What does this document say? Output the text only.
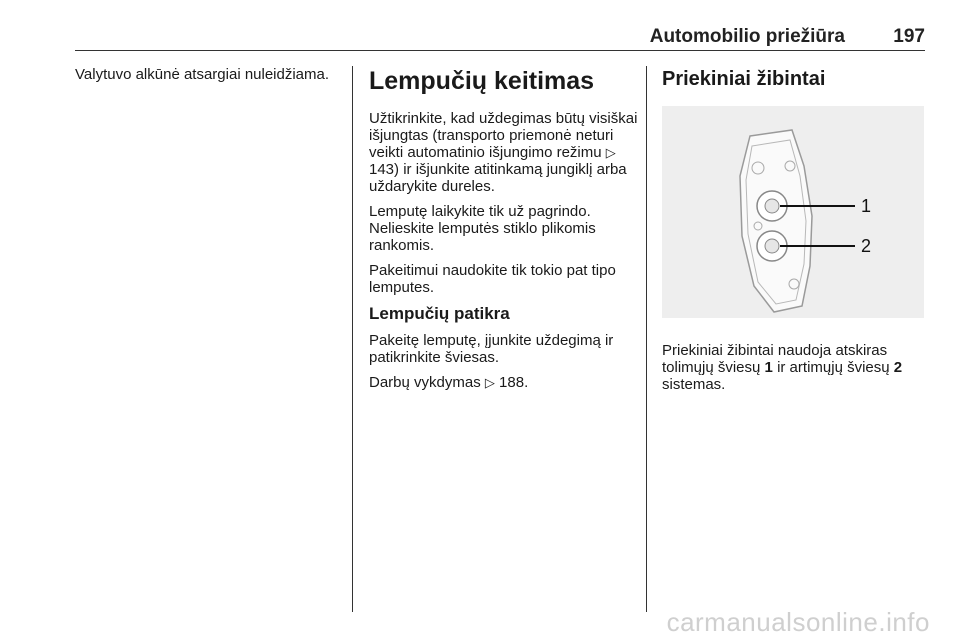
Automobilio priežiūra	197

Valytuvo alkūnė atsargiai nuleidžiama. Lempučių keitimas

Užtikrinkite, kad uždegimas būtų visiškai išjungtas (transporto priemonė neturi veikti automatinio išjungimo režimu ▷ 143) ir išjunkite atitinkamą jungiklį arba uždarykite dureles.

Lemputę laikykite tik už pagrindo. Nelieskite lemputės stiklo plikomis rankomis.

Pakeitimui naudokite tik tokio pat tipo lemputes.

Lempučių patikra

Pakeitę lemputę, įjunkite uždegimą ir patikrinkite šviesas.

Darbų vykdymas ▷ 188.

Priekiniai žibintai
1
2

Priekiniai žibintai naudoja atskiras tolimųjų šviesų 1 ir artimųjų šviesų 2 sistemas.

carmanualsonline.info
